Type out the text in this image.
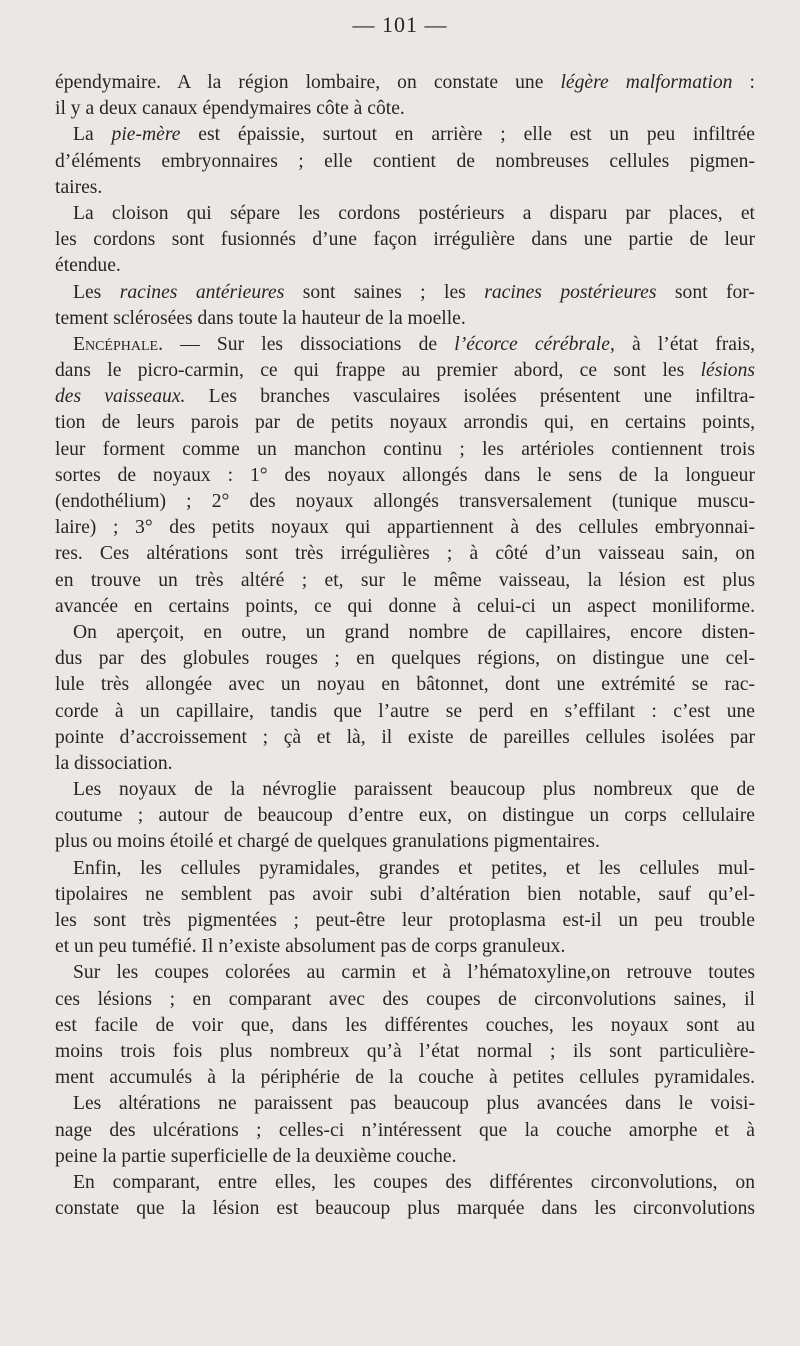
— 101 —
épendymaire. A la région lombaire, on constate une légère malformation :
il y a deux canaux épendymaires côte à côte.
La pie-mère est épaissie, surtout en arrière ; elle est un peu infiltrée
d’éléments embryonnaires ; elle contient de nombreuses cellules pigmen-
taires.
La cloison qui sépare les cordons postérieurs a disparu par places, et
les cordons sont fusionnés d’une façon irrégulière dans une partie de leur
étendue.
Les racines antérieures sont saines ; les racines postérieures sont for-
tement sclérosées dans toute la hauteur de la moelle.
Encéphale. — Sur les dissociations de l’écorce cérébrale, à l’état frais,
dans le picro-carmin, ce qui frappe au premier abord, ce sont les lésions
des vaisseaux. Les branches vasculaires isolées présentent une infiltra-
tion de leurs parois par de petits noyaux arrondis qui, en certains points,
leur forment comme un manchon continu ; les artérioles contiennent trois
sortes de noyaux : 1° des noyaux allongés dans le sens de la longueur
(endothélium) ; 2° des noyaux allongés transversalement (tunique muscu-
laire) ; 3° des petits noyaux qui appartiennent à des cellules embryonnai-
res. Ces altérations sont très irrégulières ; à côté d’un vaisseau sain, on
en trouve un très altéré ; et, sur le même vaisseau, la lésion est plus
avancée en certains points, ce qui donne à celui-ci un aspect moniliforme.
On aperçoit, en outre, un grand nombre de capillaires, encore disten-
dus par des globules rouges ; en quelques régions, on distingue une cel-
lule très allongée avec un noyau en bâtonnet, dont une extrémité se rac-
corde à un capillaire, tandis que l’autre se perd en s’effilant : c’est une
pointe d’accroissement ; çà et là, il existe de pareilles cellules isolées par
la dissociation.
Les noyaux de la névroglie paraissent beaucoup plus nombreux que de
coutume ; autour de beaucoup d’entre eux, on distingue un corps cellulaire
plus ou moins étoilé et chargé de quelques granulations pigmentaires.
Enfin, les cellules pyramidales, grandes et petites, et les cellules mul-
tipolaires ne semblent pas avoir subi d’altération bien notable, sauf qu’el-
les sont très pigmentées ; peut-être leur protoplasma est-il un peu trouble
et un peu tuméfié. Il n’existe absolument pas de corps granuleux.
Sur les coupes colorées au carmin et à l’hématoxyline,on retrouve toutes
ces lésions ; en comparant avec des coupes de circonvolutions saines, il
est facile de voir que, dans les différentes couches, les noyaux sont au
moins trois fois plus nombreux qu’à l’état normal ; ils sont particulière-
ment accumulés à la périphérie de la couche à petites cellules pyramidales.
Les altérations ne paraissent pas beaucoup plus avancées dans le voisi-
nage des ulcérations ; celles-ci n’intéressent que la couche amorphe et à
peine la partie superficielle de la deuxième couche.
En comparant, entre elles, les coupes des différentes circonvolutions, on
constate que la lésion est beaucoup plus marquée dans les circonvolutions
